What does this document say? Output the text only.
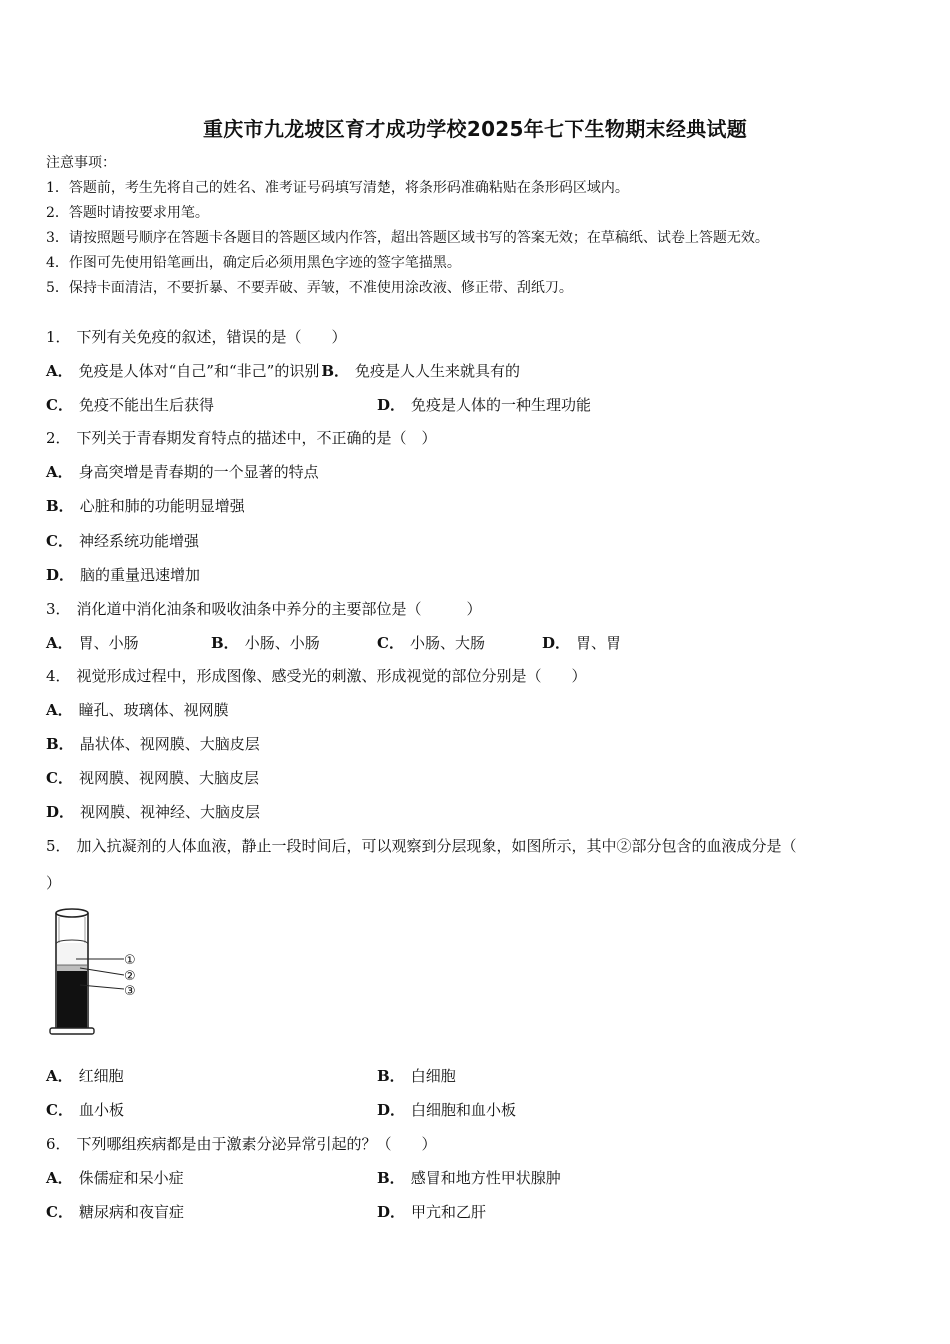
重庆市九龙坡区育才成功学校2025年七下生物期末经典试题
注意事项：
1．答题前，考生先将自己的姓名、准考证号码填写清楚，将条形码准确粘贴在条形码区域内。
2．答题时请按要求用笔。
3．请按照题号顺序在答题卡各题目的答题区域内作答，超出答题区域书写的答案无效；在草稿纸、试卷上答题无效。
4．作图可先使用铅笔画出，确定后必须用黑色字迹的签字笔描黑。
5．保持卡面清洁，不要折暴、不要弄破、弄皱，不准使用涂改液、修正带、刮纸刀。
1． 下列有关免疫的叙述，错误的是（　　）
A． 免疫是人体对“自己”和“非己”的识别 B． 免疫是人人生来就具有的
C． 免疫不能出生后获得	D． 免疫是人体的一种生理功能
2． 下列关于青春期发育特点的描述中，不正确的是（　）
A． 身高突增是青春期的一个显著的特点
B． 心脏和肺的功能明显增强
C． 神经系统功能增强
D． 脑的重量迅速增加
3． 消化道中消化油条和吸收油条中养分的主要部位是（　　　）
A． 胃、小肠	B． 小肠、小肠	C． 小肠、大肠	D． 胃、胃
4． 视觉形成过程中，形成图像、感受光的刺激、形成视觉的部位分别是（　　）
A． 瞳孔、玻璃体、视网膜
B． 晶状体、视网膜、大脑皮层
C． 视网膜、视网膜、大脑皮层
D． 视网膜、视神经、大脑皮层
5． 加入抗凝剂的人体血液，静止一段时间后，可以观察到分层现象，如图所示，其中②部分包含的血液成分是（
）
①
②
③
A． 红细胞	B． 白细胞
C． 血小板	D． 白细胞和血小板
6． 下列哪组疾病都是由于激素分泌异常引起的？（　　）
A． 侏儒症和呆小症	B． 感冒和地方性甲状腺肿
C． 糖尿病和夜盲症	D． 甲亢和乙肝
